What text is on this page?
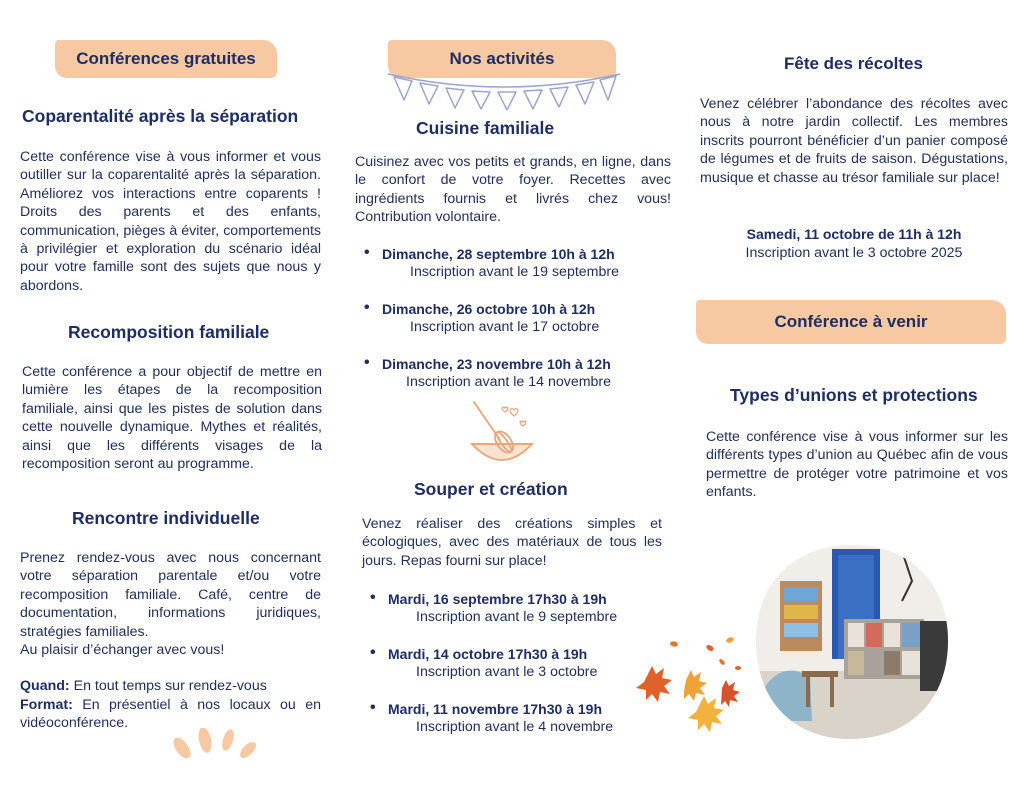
Conférences gratuites
Coparentalité après la séparation

Cette conférence vise à vous informer et vous outiller sur la coparentalité après la séparation. Améliorez vos interactions entre coparents ! Droits des parents et des enfants, communication, pièges à éviter, comportements à privilégier et exploration du scénario idéal pour votre famille sont des sujets que nous y abordons.

Recomposition familiale

Cette conférence a pour objectif de mettre en lumière les étapes de la recomposition familiale, ainsi que les pistes de solution dans cette nouvelle dynamique. Mythes et réalités, ainsi que les différents visages de la recomposition seront au programme.

Rencontre individuelle

Prenez rendez-vous avec nous concernant votre séparation parentale et/ou votre recomposition familiale. Café, centre de documentation, informations juridiques, stratégies familiales.

Au plaisir d’échanger avec vous!

Quand: En tout temps sur rendez-vous

Format: En présentiel à nos locaux ou en vidéoconférence.

Nos activités
Cuisine familiale

Cuisinez avec vos petits et grands, en ligne, dans le confort de votre foyer. Recettes avec ingrédients fournis et livrés chez vous! Contribution volontaire.

• Dimanche, 28 septembre 10h à 12h
Inscription avant le 19 septembre
• Dimanche, 26 octobre 10h à 12h
Inscription avant le 17 octobre
• Dimanche, 23 novembre 10h à 12h
Inscription avant le 14 novembre
Souper et création

Venez réaliser des créations simples et écologiques, avec des matériaux de tous les jours. Repas fourni sur place!

• Mardi, 16 septembre 17h30 à 19h
Inscription avant le 9 septembre
• Mardi, 14 octobre 17h30 à 19h
Inscription avant le 3 octobre
• Mardi, 11 novembre 17h30 à 19h
Inscription avant le 4 novembre
Fête des récoltes

Venez célébrer l’abondance des récoltes avec nous à notre jardin collectif. Les membres inscrits pourront bénéficier d’un panier composé de légumes et de fruits de saison. Dégustations, musique et chasse au trésor familiale sur place!

Samedi, 11 octobre de 11h à 12h
Inscription avant le 3 octobre 2025
Conférence à venir
Types d’unions et protections

Cette conférence vise à vous informer sur les différents types d’union au Québec afin de vous permettre de protéger votre patrimoine et vos enfants.
